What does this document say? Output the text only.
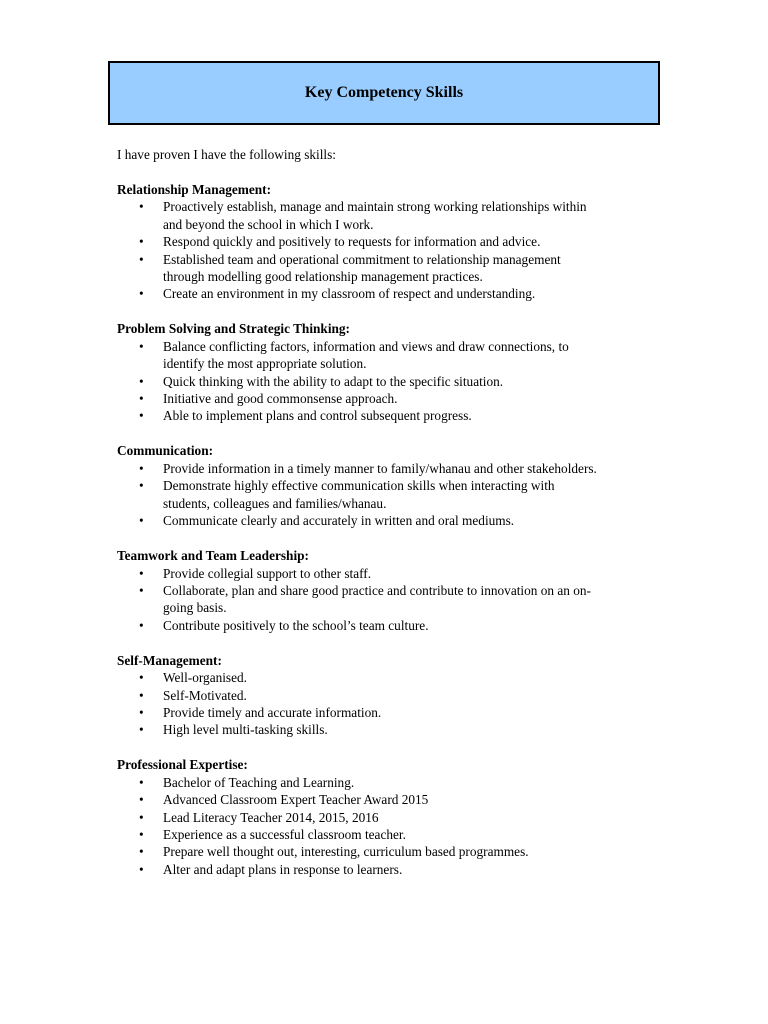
Key Competency Skills

I have proven I have the following skills:

Relationship Management:

• Proactively establish, manage and maintain strong working relationships within and beyond the school in which I work.
• Respond quickly and positively to requests for information and advice.
• Established team and operational commitment to relationship management through modelling good relationship management practices.
• Create an environment in my classroom of respect and understanding.

Problem Solving and Strategic Thinking:

• Balance conflicting factors, information and views and draw connections, to identify the most appropriate solution.
• Quick thinking with the ability to adapt to the specific situation.
• Initiative and good commonsense approach.
• Able to implement plans and control subsequent progress.

Communication:

• Provide information in a timely manner to family/whanau and other stakeholders.
• Demonstrate highly effective communication skills when interacting with students, colleagues and families/whanau.
• Communicate clearly and accurately in written and oral mediums.

Teamwork and Team Leadership:

• Provide collegial support to other staff.
• Collaborate, plan and share good practice and contribute to innovation on an on-going basis.
• Contribute positively to the school’s team culture.

Self-Management:

• Well-organised.
• Self-Motivated.
• Provide timely and accurate information.
• High level multi-tasking skills.

Professional Expertise:

• Bachelor of Teaching and Learning.
• Advanced Classroom Expert Teacher Award 2015
• Lead Literacy Teacher 2014, 2015, 2016
• Experience as a successful classroom teacher.
• Prepare well thought out, interesting, curriculum based programmes.
• Alter and adapt plans in response to learners.
